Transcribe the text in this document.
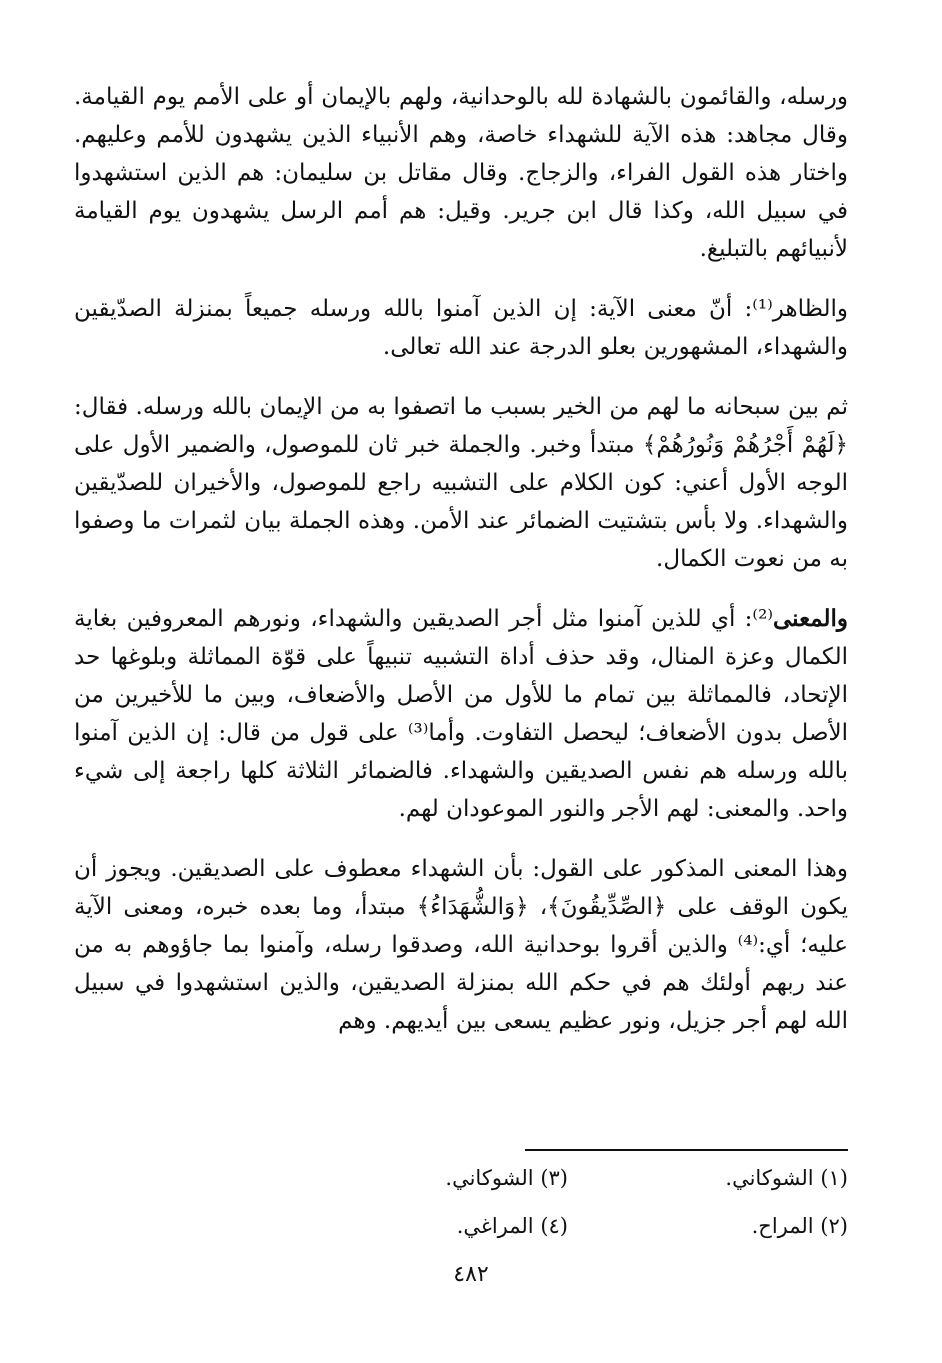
ورسله، والقائمون بالشهادة لله بالوحدانية، ولهم بالإيمان أو على الأمم يوم القيامة. وقال مجاهد: هذه الآية للشهداء خاصة، وهم الأنبياء الذين يشهدون للأمم وعليهم. واختار هذه القول الفراء، والزجاج. وقال مقاتل بن سليمان: هم الذين استشهدوا في سبيل الله، وكذا قال ابن جرير. وقيل: هم أمم الرسل يشهدون يوم القيامة لأنبيائهم بالتبليغ.

والظاهر⁽¹⁾: أنّ معنى الآية: إن الذين آمنوا بالله ورسله جميعاً بمنزلة الصدّيقين والشهداء، المشهورين بعلو الدرجة عند الله تعالى.

ثم بين سبحانه ما لهم من الخير بسبب ما اتصفوا به من الإيمان بالله ورسله. فقال: ﴿لَهُمْ أَجْرُهُمْ وَنُورُهُمْ﴾ مبتدأ وخبر. والجملة خبر ثان للموصول، والضمير الأول على الوجه الأول أعني: كون الكلام على التشبيه راجع للموصول، والأخيران للصدّيقين والشهداء. ولا بأس بتشتيت الضمائر عند الأمن. وهذه الجملة بيان لثمرات ما وصفوا به من نعوت الكمال.

والمعنى⁽²⁾: أي للذين آمنوا مثل أجر الصديقين والشهداء، ونورهم المعروفين بغاية الكمال وعزة المنال، وقد حذف أداة التشبيه تنبيهاً على قوّة المماثلة وبلوغها حد الإتحاد، فالمماثلة بين تمام ما للأول من الأصل والأضعاف، وبين ما للأخيرين من الأصل بدون الأضعاف؛ ليحصل التفاوت. وأما⁽³⁾ على قول من قال: إن الذين آمنوا بالله ورسله هم نفس الصديقين والشهداء. فالضمائر الثلاثة كلها راجعة إلى شيء واحد. والمعنى: لهم الأجر والنور الموعودان لهم.

وهذا المعنى المذكور على القول: بأن الشهداء معطوف على الصديقين. ويجوز أن يكون الوقف على ﴿الصِّدِّيقُونَ﴾، ﴿وَالشُّهَدَاءُ﴾ مبتدأ، وما بعده خبره، ومعنى الآية عليه؛ أي:⁽⁴⁾ والذين أقروا بوحدانية الله، وصدقوا رسله، وآمنوا بما جاؤوهم به من عند ربهم أولئك هم في حكم الله بمنزلة الصديقين، والذين استشهدوا في سبيل الله لهم أجر جزيل، ونور عظيم يسعى بين أيديهم. وهم

(١) الشوكاني.
(٣) الشوكاني.
(٢) المراح.
(٤) المراغي.
٤٨٢
